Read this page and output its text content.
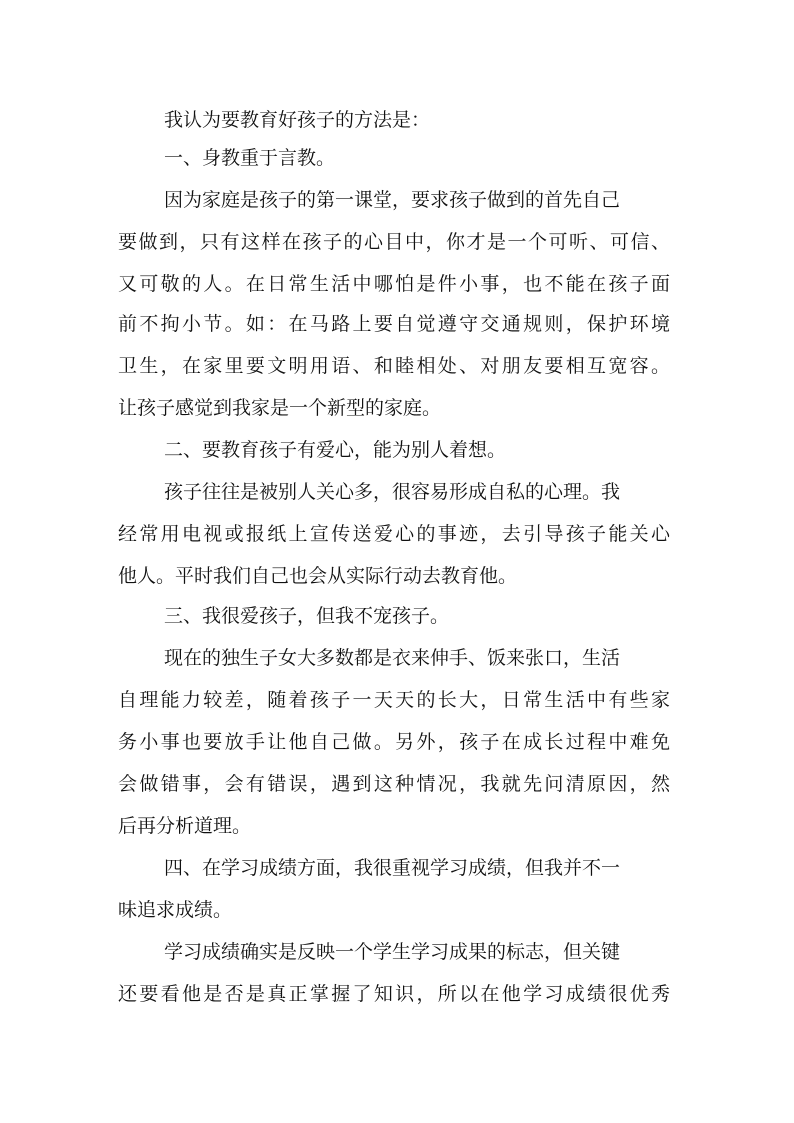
我认为要教育好孩子的方法是：
一、身教重于言教。
因为家庭是孩子的第一课堂，要求孩子做到的首先自己
要做到，只有这样在孩子的心目中，你才是一个可听、可信、
又可敬的人。在日常生活中哪怕是件小事，也不能在孩子面
前不拘小节。如：在马路上要自觉遵守交通规则，保护环境
卫生，在家里要文明用语、和睦相处、对朋友要相互宽容。
让孩子感觉到我家是一个新型的家庭。
二、要教育孩子有爱心，能为别人着想。
孩子往往是被别人关心多，很容易形成自私的心理。我
经常用电视或报纸上宣传送爱心的事迹，去引导孩子能关心
他人。平时我们自己也会从实际行动去教育他。
三、我很爱孩子，但我不宠孩子。
现在的独生子女大多数都是衣来伸手、饭来张口，生活
自理能力较差，随着孩子一天天的长大，日常生活中有些家
务小事也要放手让他自己做。另外，孩子在成长过程中难免
会做错事，会有错误，遇到这种情况，我就先问清原因，然
后再分析道理。
四、在学习成绩方面，我很重视学习成绩，但我并不一
味追求成绩。
学习成绩确实是反映一个学生学习成果的标志，但关键
还要看他是否是真正掌握了知识，所以在他学习成绩很优秀
